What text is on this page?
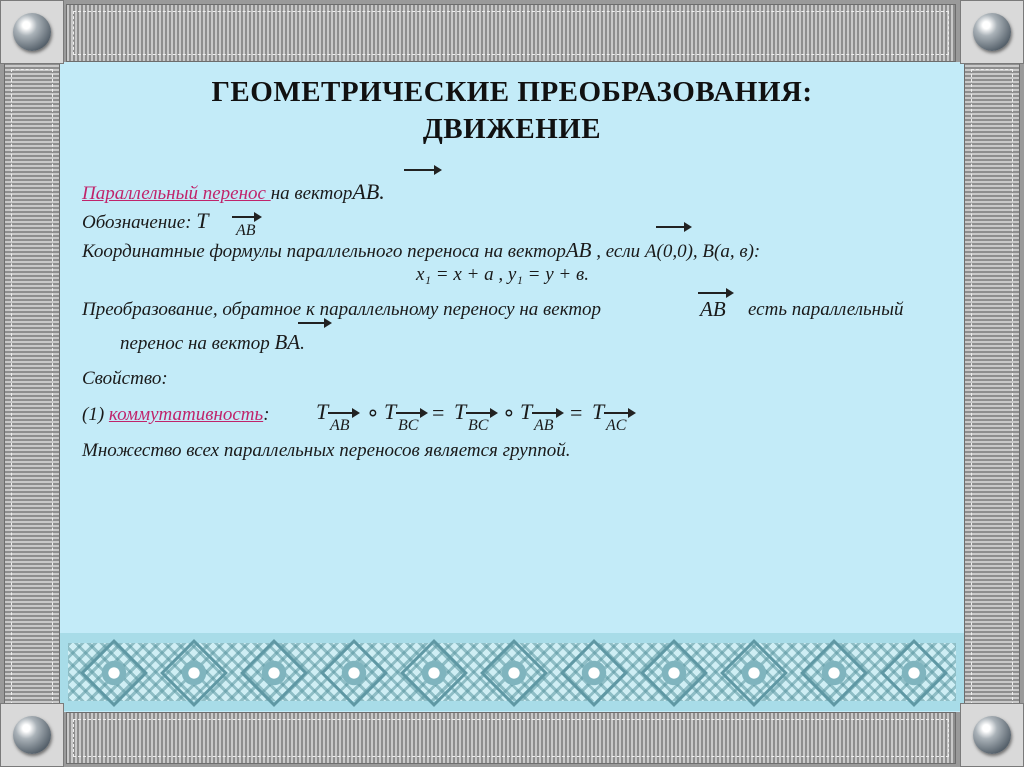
ГЕОМЕТРИЧЕСКИЕ ПРЕОБРАЗОВАНИЯ:
ДВИЖЕНИЕ
Параллельный перенос на векторAB.
Обозначение: T AB
Координатные формулы параллельного переноса на векторAB , если А(0,0), В(а, в):
x₁ = x + a , y₁ = y + в.
Преобразование, обратное к параллельному переносу на вектор	AB есть параллельный
перенос на вектор BA.
Свойство:
(1) коммутативность: T
AB
∘ T
BC
= T
BC
∘ T
AB
= T
AC
Множество всех параллельных переносов является группой.
